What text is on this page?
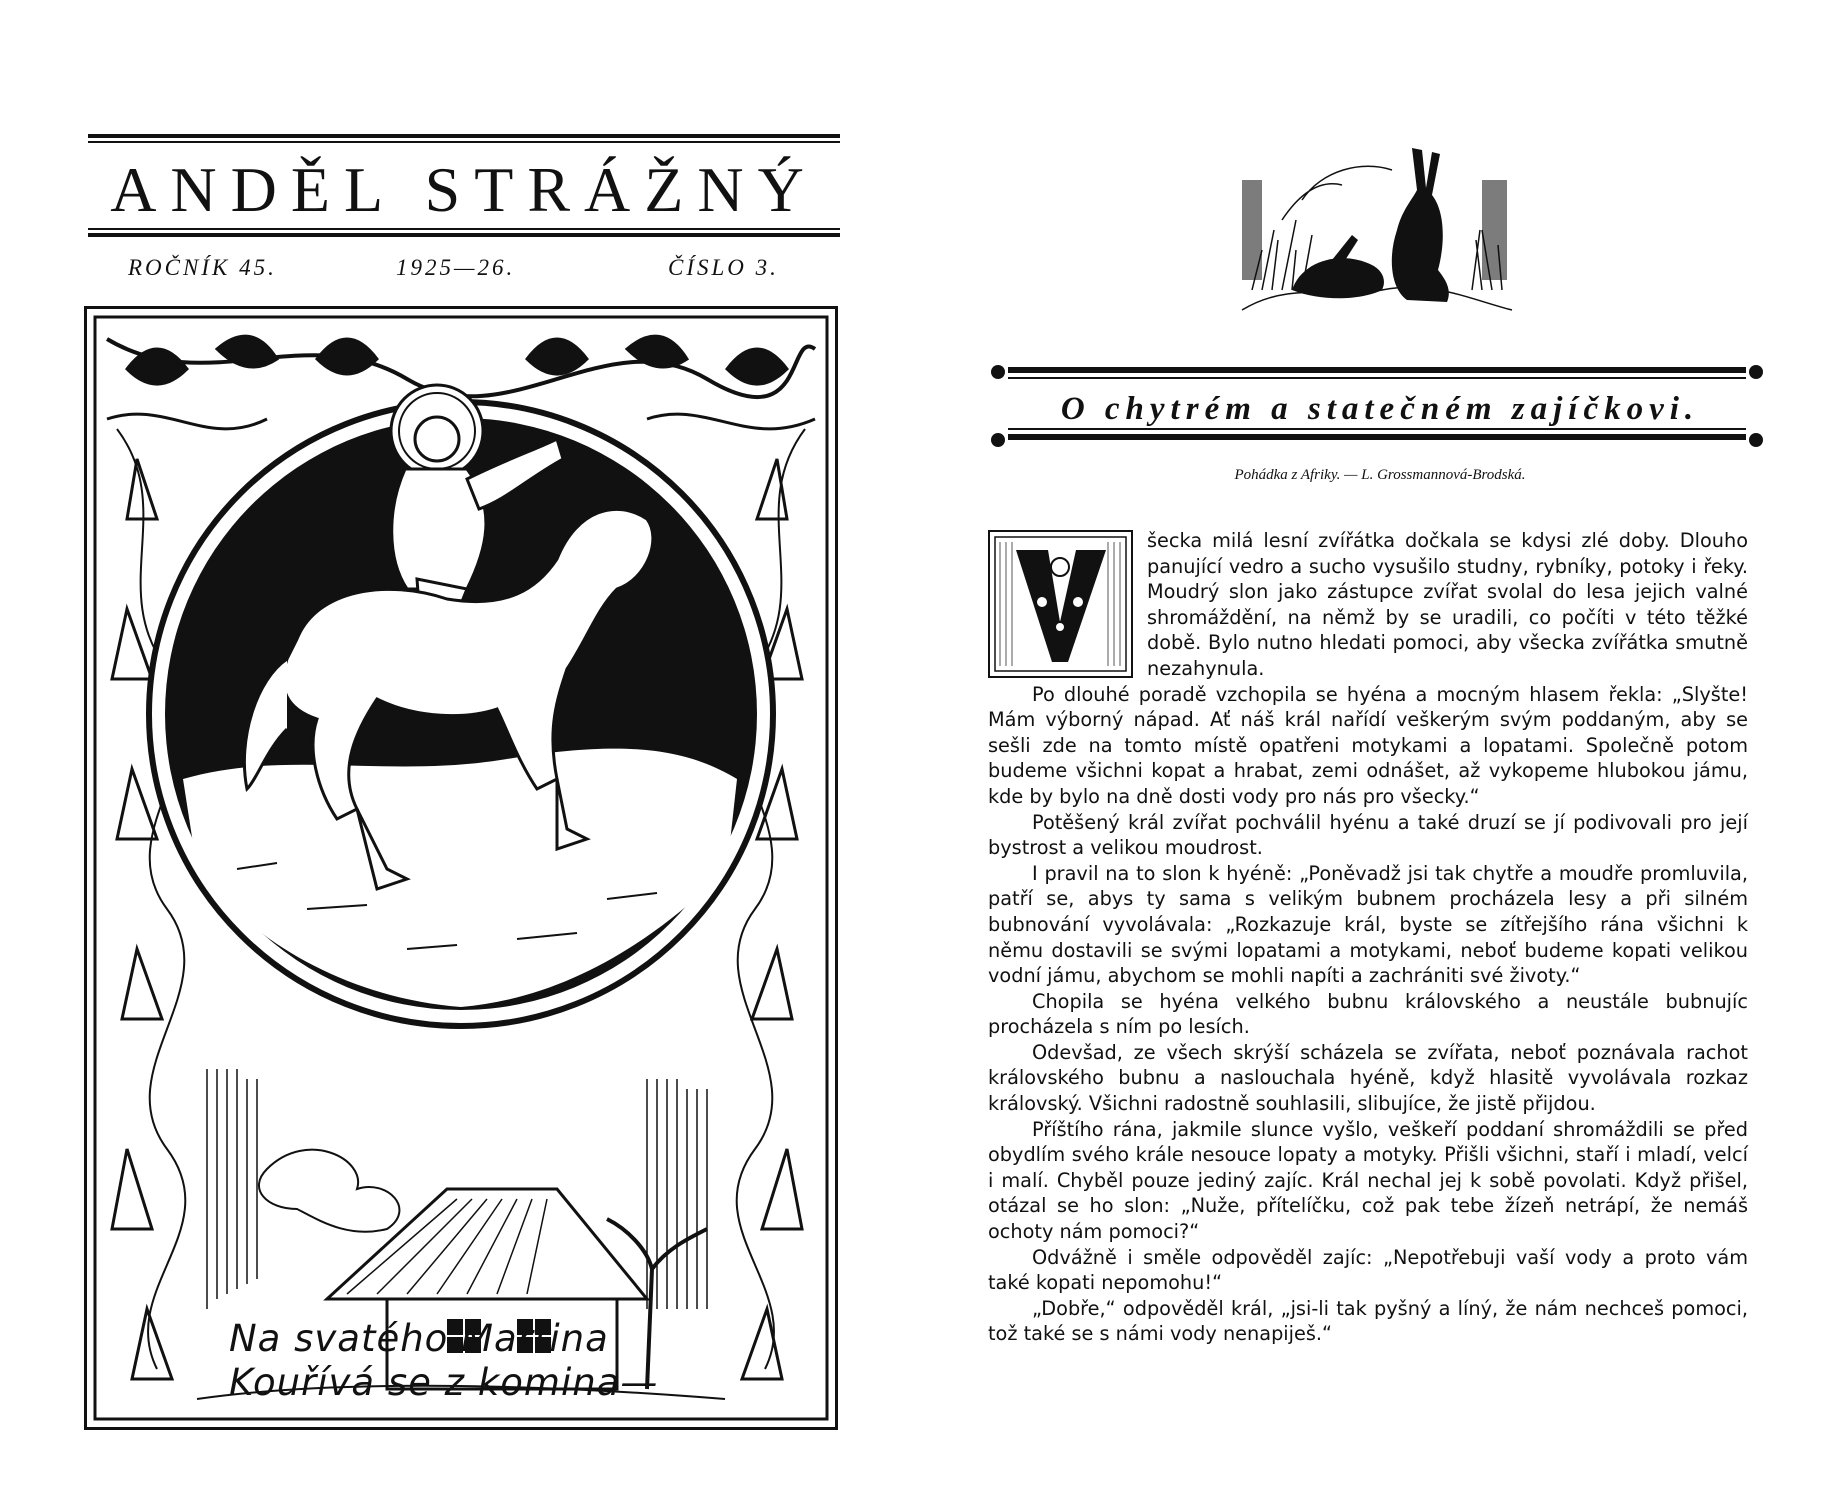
ANDĚL STRÁŽNÝ
ROČNÍK 45.	1925—26.	ČÍSLO 3.
Na svatého Martina
Kouřívá se z komina—
O chytrém a statečném zajíčkovi.
Pohádka z Afriky. — L. Grossmannová-Brodská.

šecka milá lesní zvířátka dočkala se kdysi zlé doby. Dlouho panující vedro a sucho vysušilo studny, rybníky, potoky i řeky. Moudrý slon jako zástupce zvířat svolal do lesa jejich valné shromáždění, na němž by se uradili, co počíti v této těžké době. Bylo nutno hledati pomoci, aby všecka zvířátka smutně nezahynula.

Po dlouhé poradě vzchopila se hyéna a mocným hlasem řekla: „Slyšte! Mám výborný nápad. Ať náš král nařídí veškerým svým poddaným, aby se sešli zde na tomto místě opatřeni motykami a lopatami. Společně potom budeme všichni kopat a hrabat, zemi odnášet, až vykopeme hlubokou jámu, kde by bylo na dně dosti vody pro nás pro všecky.“

Potěšený král zvířat pochválil hyénu a také druzí se jí podivovali pro její bystrost a velikou moudrost.

I pravil na to slon k hyéně: „Poněvadž jsi tak chytře a moudře promluvila, patří se, abys ty sama s velikým bubnem procházela lesy a při silném bubnování vyvolávala: „Rozkazuje král, byste se zítřejšího rána všichni k němu dostavili se svými lopatami a motykami, neboť budeme kopati velikou vodní jámu, abychom se mohli napíti a zachrániti své životy.“

Chopila se hyéna velkého bubnu královského a neustále bubnujíc procházela s ním po lesích.

Odevšad, ze všech skrýší scházela se zvířata, neboť poznávala rachot královského bubnu a naslouchala hyéně, když hlasitě vyvolávala rozkaz královský. Všichni radostně souhlasili, slibujíce, že jistě přijdou.

Příštího rána, jakmile slunce vyšlo, veškeří poddaní shromáždili se před obydlím svého krále nesouce lopaty a motyky. Přišli všichni, staří i mladí, velcí i malí. Chyběl pouze jediný zajíc. Král nechal jej k sobě povolati. Když přišel, otázal se ho slon: „Nuže, přítelíčku, což pak tebe žízeň netrápí, že nemáš ochoty nám pomoci?“

Odvážně i směle odpověděl zajíc: „Nepotřebuji vaší vody a proto vám také kopati nepomohu!“

„Dobře,“ odpověděl král, „jsi-li tak pyšný a líný, že nám nechceš pomoci, tož také se s námi vody nenapiješ.“
